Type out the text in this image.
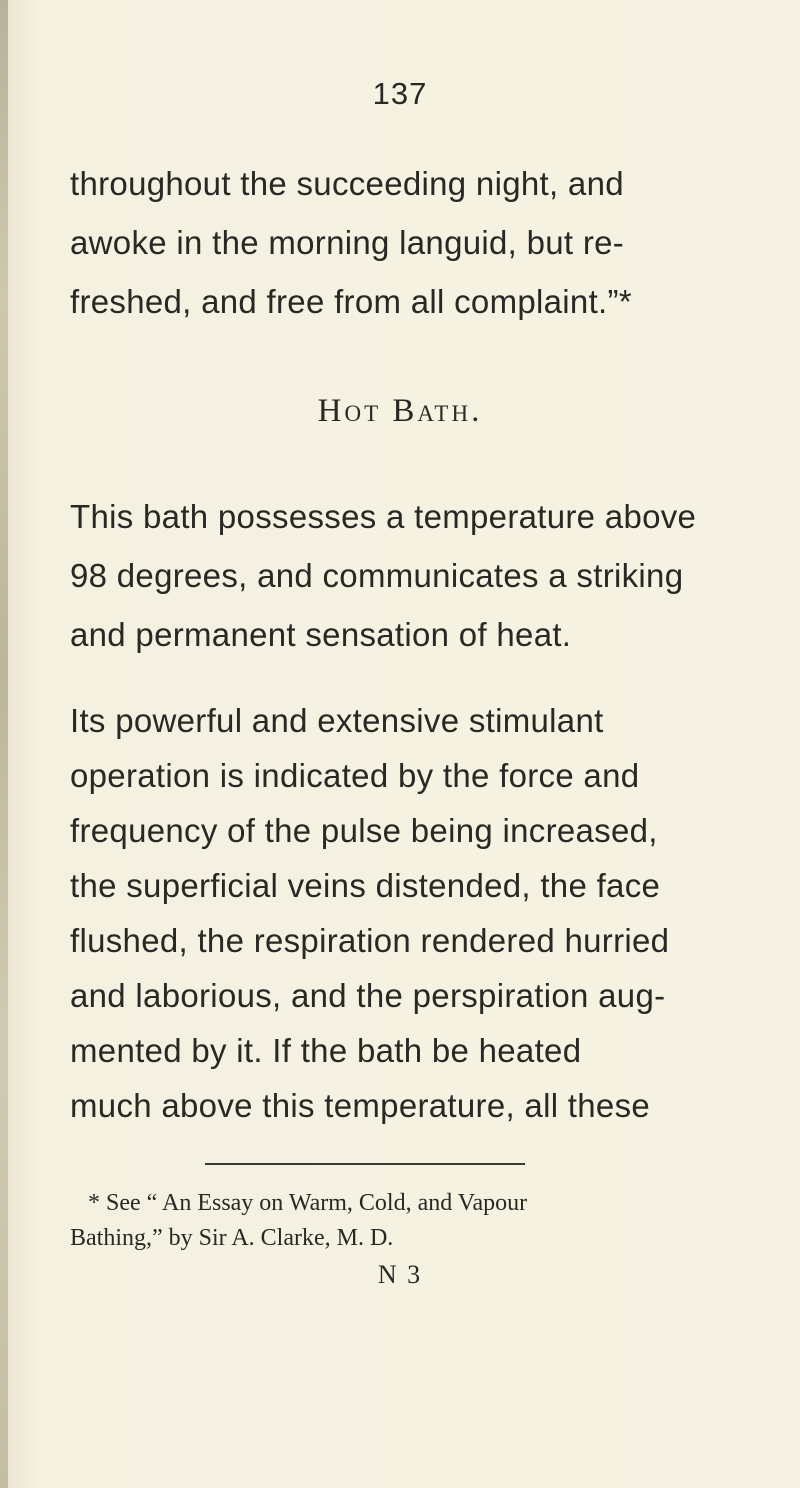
137
throughout the succeeding night, and
awoke in the morning languid, but re-
freshed, and free from all complaint.”*
Hot Bath.
This bath possesses a temperature above
98 degrees, and communicates a striking
and permanent sensation of heat.
Its powerful and extensive stimulant
operation is indicated by the force and
frequency of the pulse being increased,
the superficial veins distended, the face
flushed, the respiration rendered hurried
and laborious, and the perspiration aug-
mented by it. If the bath be heated
much above this temperature, all these
* See “ An Essay on Warm, Cold, and Vapour
Bathing,” by Sir A. Clarke, M. D.
N 3
